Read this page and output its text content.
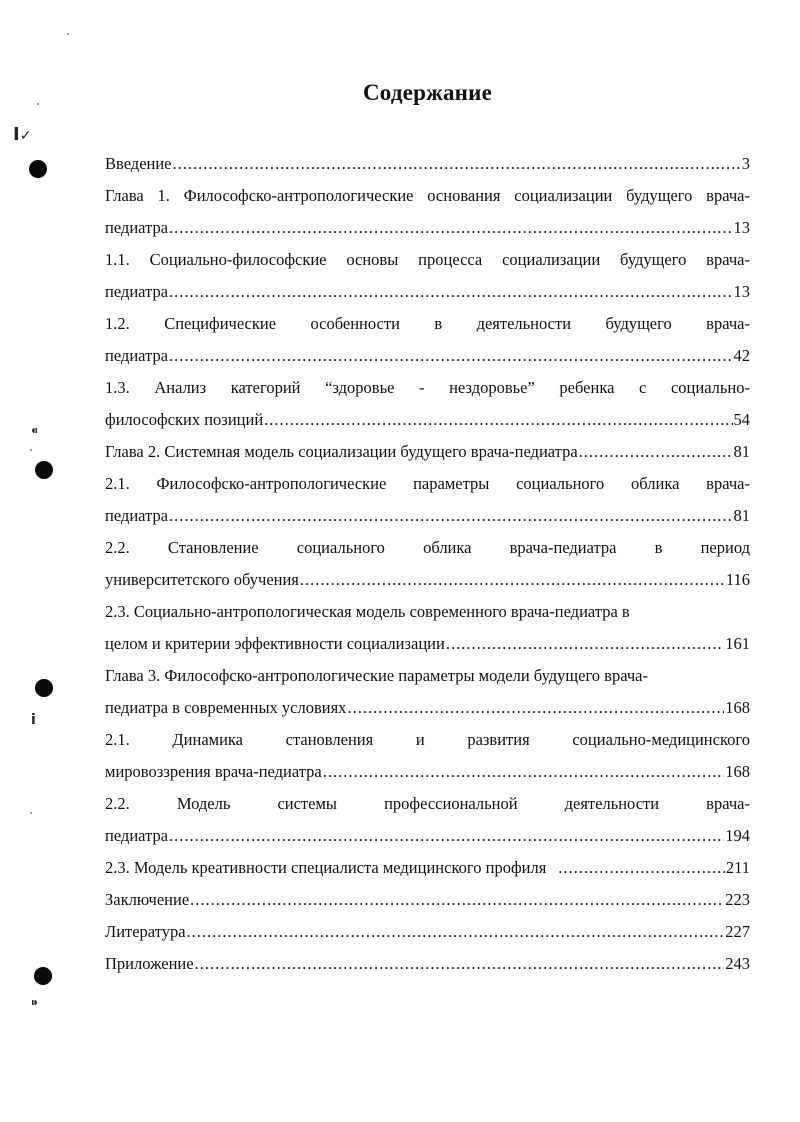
I✓
⁌
ⅰ
⁍
Содержание
Введение .....	3
Глава 1. Философско-антропологические основания социализации будущего врача-
педиатра .....	13
1.1. Социально-философские основы процесса социализации будущего врача-
педиатра .....	13
1.2. Специфические особенности в деятельности будущего врача-
педиатра .....	42
1.3. Анализ категорий “здоровье - нездоровье” ребенка с социально-
философских позиций .....	54
Глава 2. Системная модель социализации будущего врача-педиатра .....	81
2.1. Философско-антропологические параметры социального облика врача-
педиатра .....	81
2.2. Становление социального облика врача-педиатра в период
университетского обучения .....	116
2.3. Социально-антропологическая модель современного врача-педиатра в
целом и критерии эффективности социализации .....	161
Глава 3. Философско-антропологические параметры модели будущего врача-
педиатра в современных условиях .....	168
2.1. Динамика становления и развития социально-медицинского
мировоззрения врача-педиатра .....	168
2.2. Модель системы профессиональной деятельности врача-
педиатра .....	194
2.3. Модель креативности специалиста медицинского профиля .....	211
Заключение .....	223
Литература .....	227
Приложение .....	243
